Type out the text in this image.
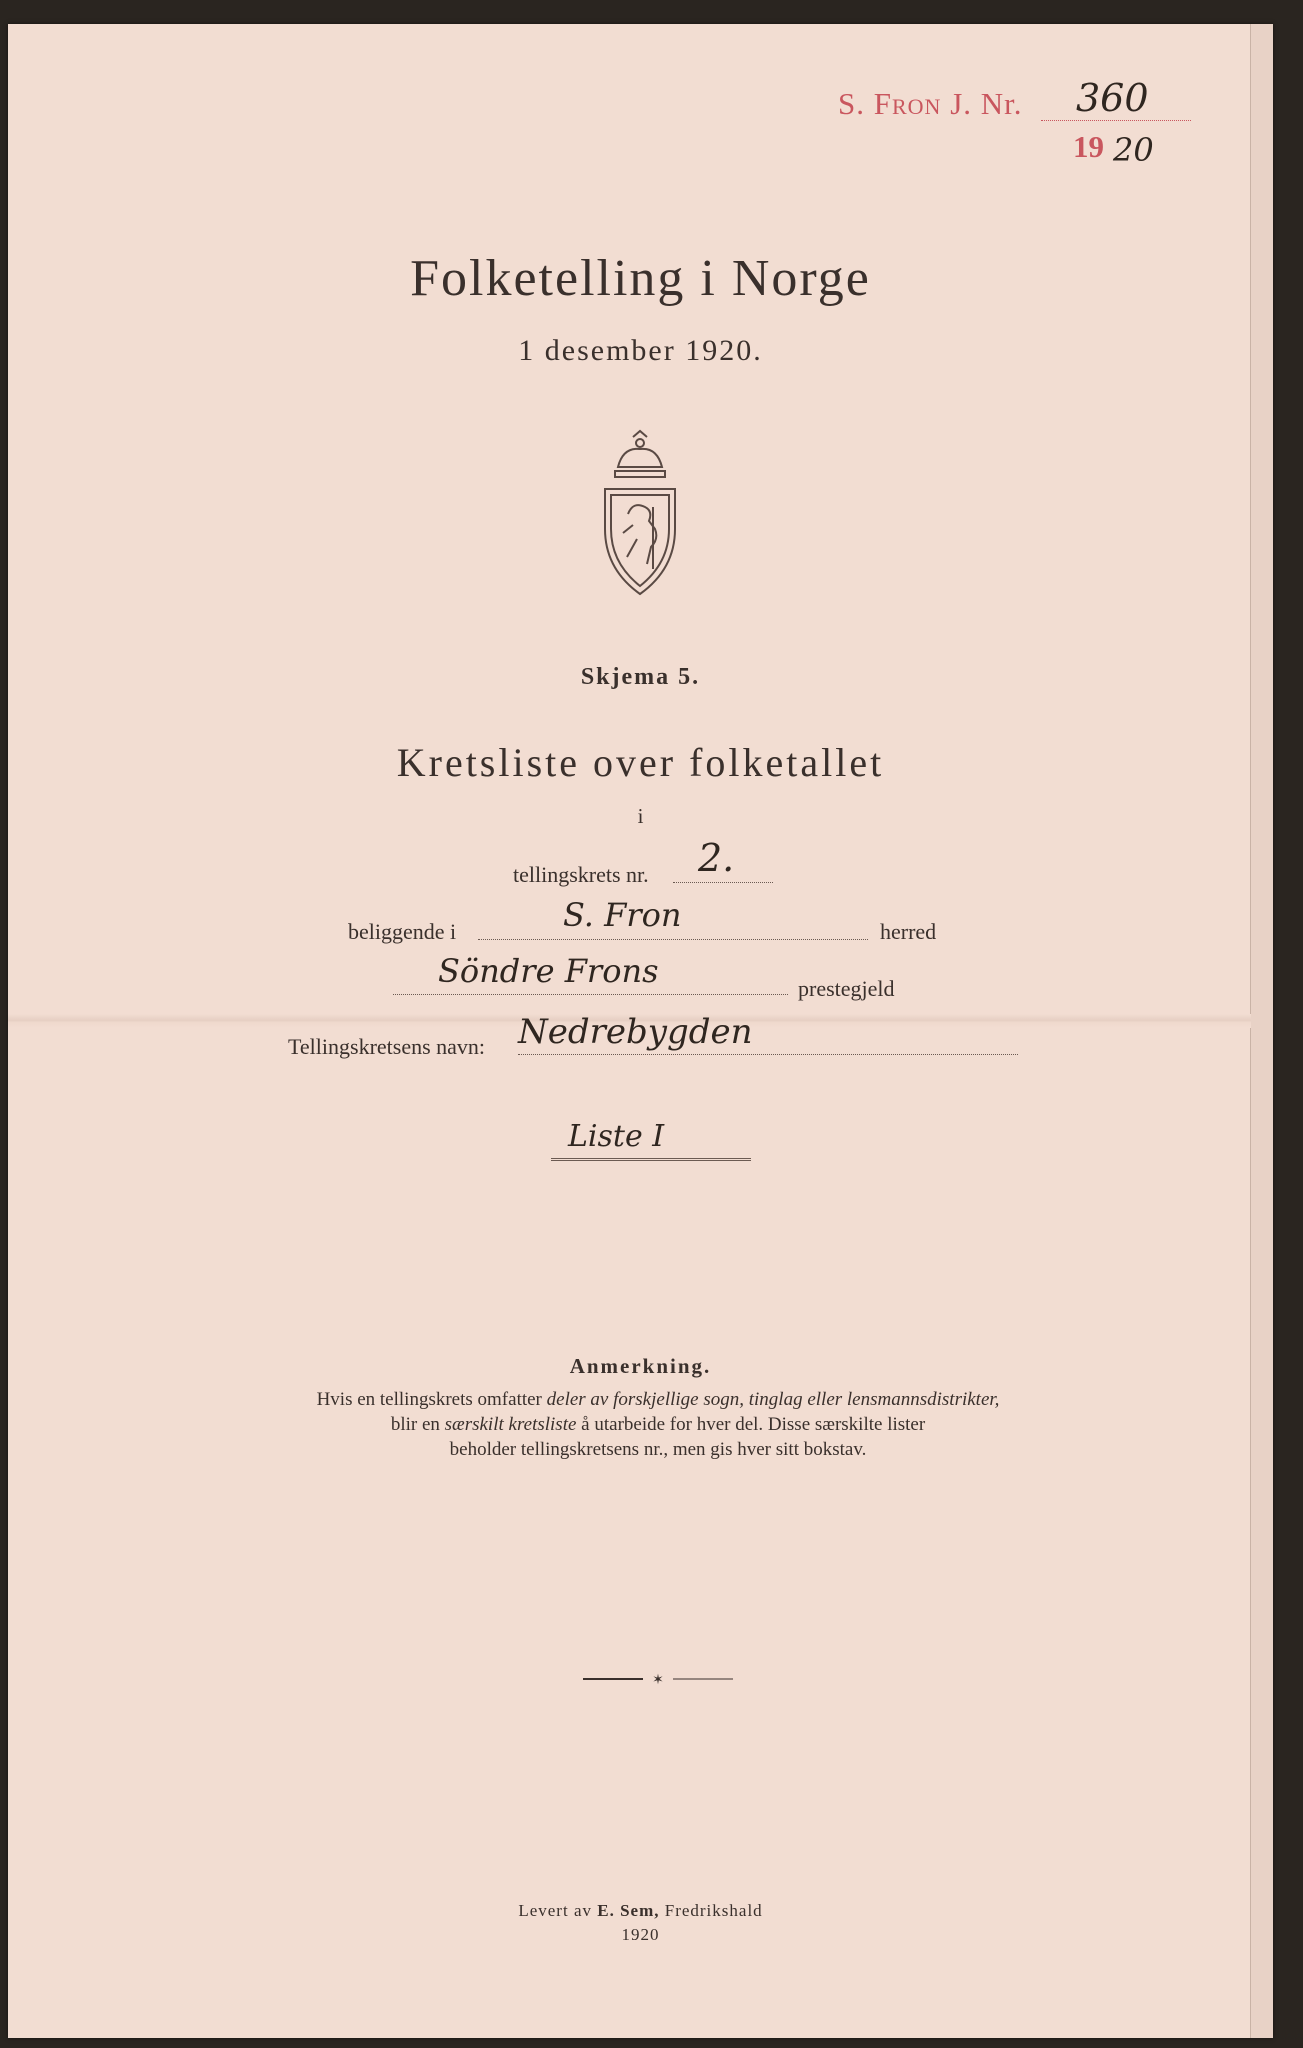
S. Fron J. Nr.
19
360
20
Folketelling i Norge
1 desember 1920.
Skjema 5.
Kretsliste over folketallet
i
tellingskrets nr. 2.
beliggende i	S. Fron	herred
Söndre Frons	prestegjeld
Tellingskretsens navn: Nedrebygden
Liste I
Anmerkning.
Hvis en tellingskrets omfatter deler av forskjellige sogn, tinglag eller lensmannsdistrikter,
blir en særskilt kretsliste å utarbeide for hver del. Disse særskilte lister
beholder tellingskretsens nr., men gis hver sitt bokstav.
✶
Levert av E. Sem, Fredrikshald
1920
